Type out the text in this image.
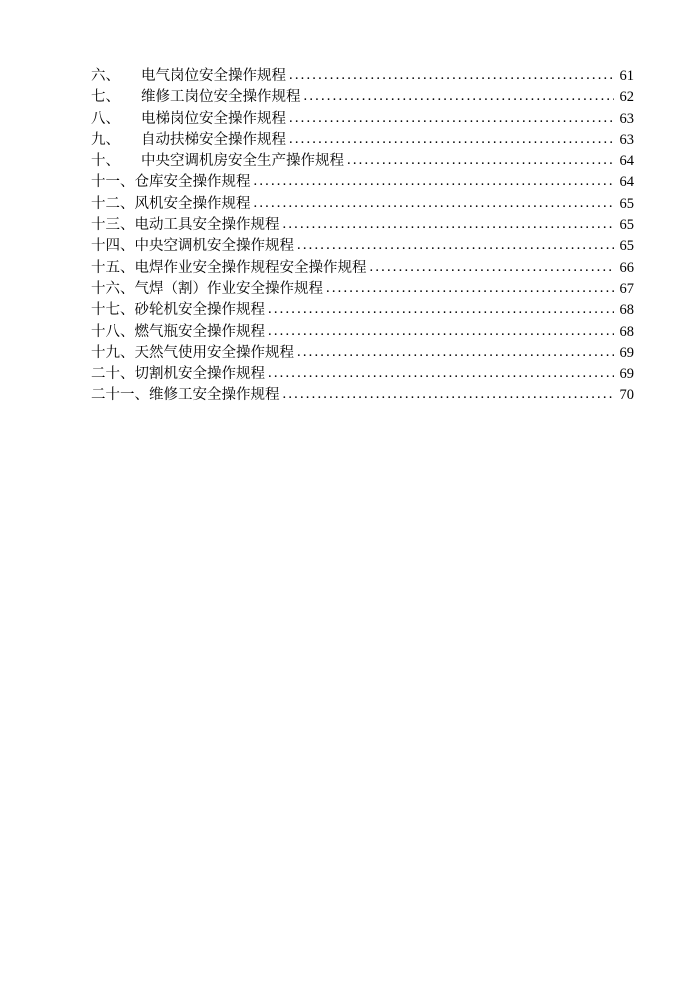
六、	电气岗位安全操作规程 .....	61
七、	维修工岗位安全操作规程 .....	62
八、	电梯岗位安全操作规程 .....	63
九、	自动扶梯安全操作规程 .....	63
十、	中央空调机房安全生产操作规程 .....	64
十一、 仓库安全操作规程 .....	64
十二、 风机安全操作规程 .....	65
十三、 电动工具安全操作规程 .....	65
十四、 中央空调机安全操作规程 .....	65
十五、 电焊作业安全操作规程安全操作规程 .....	66
十六、 气焊（割）作业安全操作规程 .....	67
十七、 砂轮机安全操作规程 .....	68
十八、 燃气瓶安全操作规程 .....	68
十九、 天然气使用安全操作规程 .....	69
二十、 切割机安全操作规程 .....	69
二十一、 维修工安全操作规程 .....	70
